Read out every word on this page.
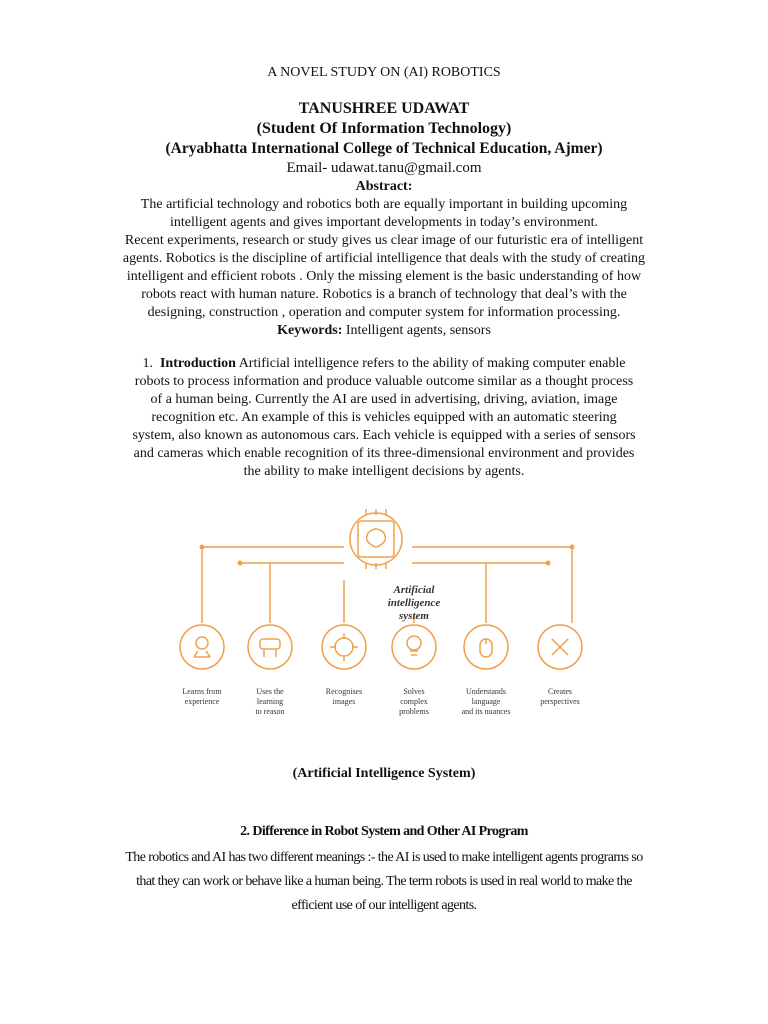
A NOVEL STUDY ON (AI) ROBOTICS
TANUSHREE UDAWAT
(Student Of Information Technology)
(Aryabhatta International College of Technical Education, Ajmer)
Email- udawat.tanu@gmail.com
Abstract:
The artificial technology and robotics both are equally important in building upcoming
intelligent agents and gives important developments in today’s environment.
Recent experiments, research or study gives us clear image of our futuristic era of intelligent
agents. Robotics is the discipline of artificial intelligence that deals with the study of creating
intelligent and efficient robots . Only the missing element is the basic understanding of how
robots react with human nature. Robotics is a branch of technology that deal’s with the
designing, construction , operation and computer system for information processing.
Keywords: Intelligent agents, sensors
1. Introduction Artificial intelligence refers to the ability of making computer enable
robots to process information and produce valuable outcome similar as a thought process
of a human being. Currently the AI are used in advertising, driving, aviation, image
recognition etc. An example of this is vehicles equipped with an automatic steering
system, also known as autonomous cars. Each vehicle is equipped with a series of sensors
and cameras which enable recognition of its three-dimensional environment and provides
the ability to make intelligent decisions by agents.
Artificial
intelligence
system
Learns from
experience
Uses the
learning
to reason
Recognises
images
Solves
complex
problems
Understands
language
and its nuances
Creates
perspectives
(Artificial Intelligence System)
2. Difference in Robot System and Other AI Program
The robotics and AI has two different meanings :- the AI is used to make intelligent agents programs so
that they can work or behave like a human being. The term robots is used in real world to make the
efficient use of our intelligent agents.
